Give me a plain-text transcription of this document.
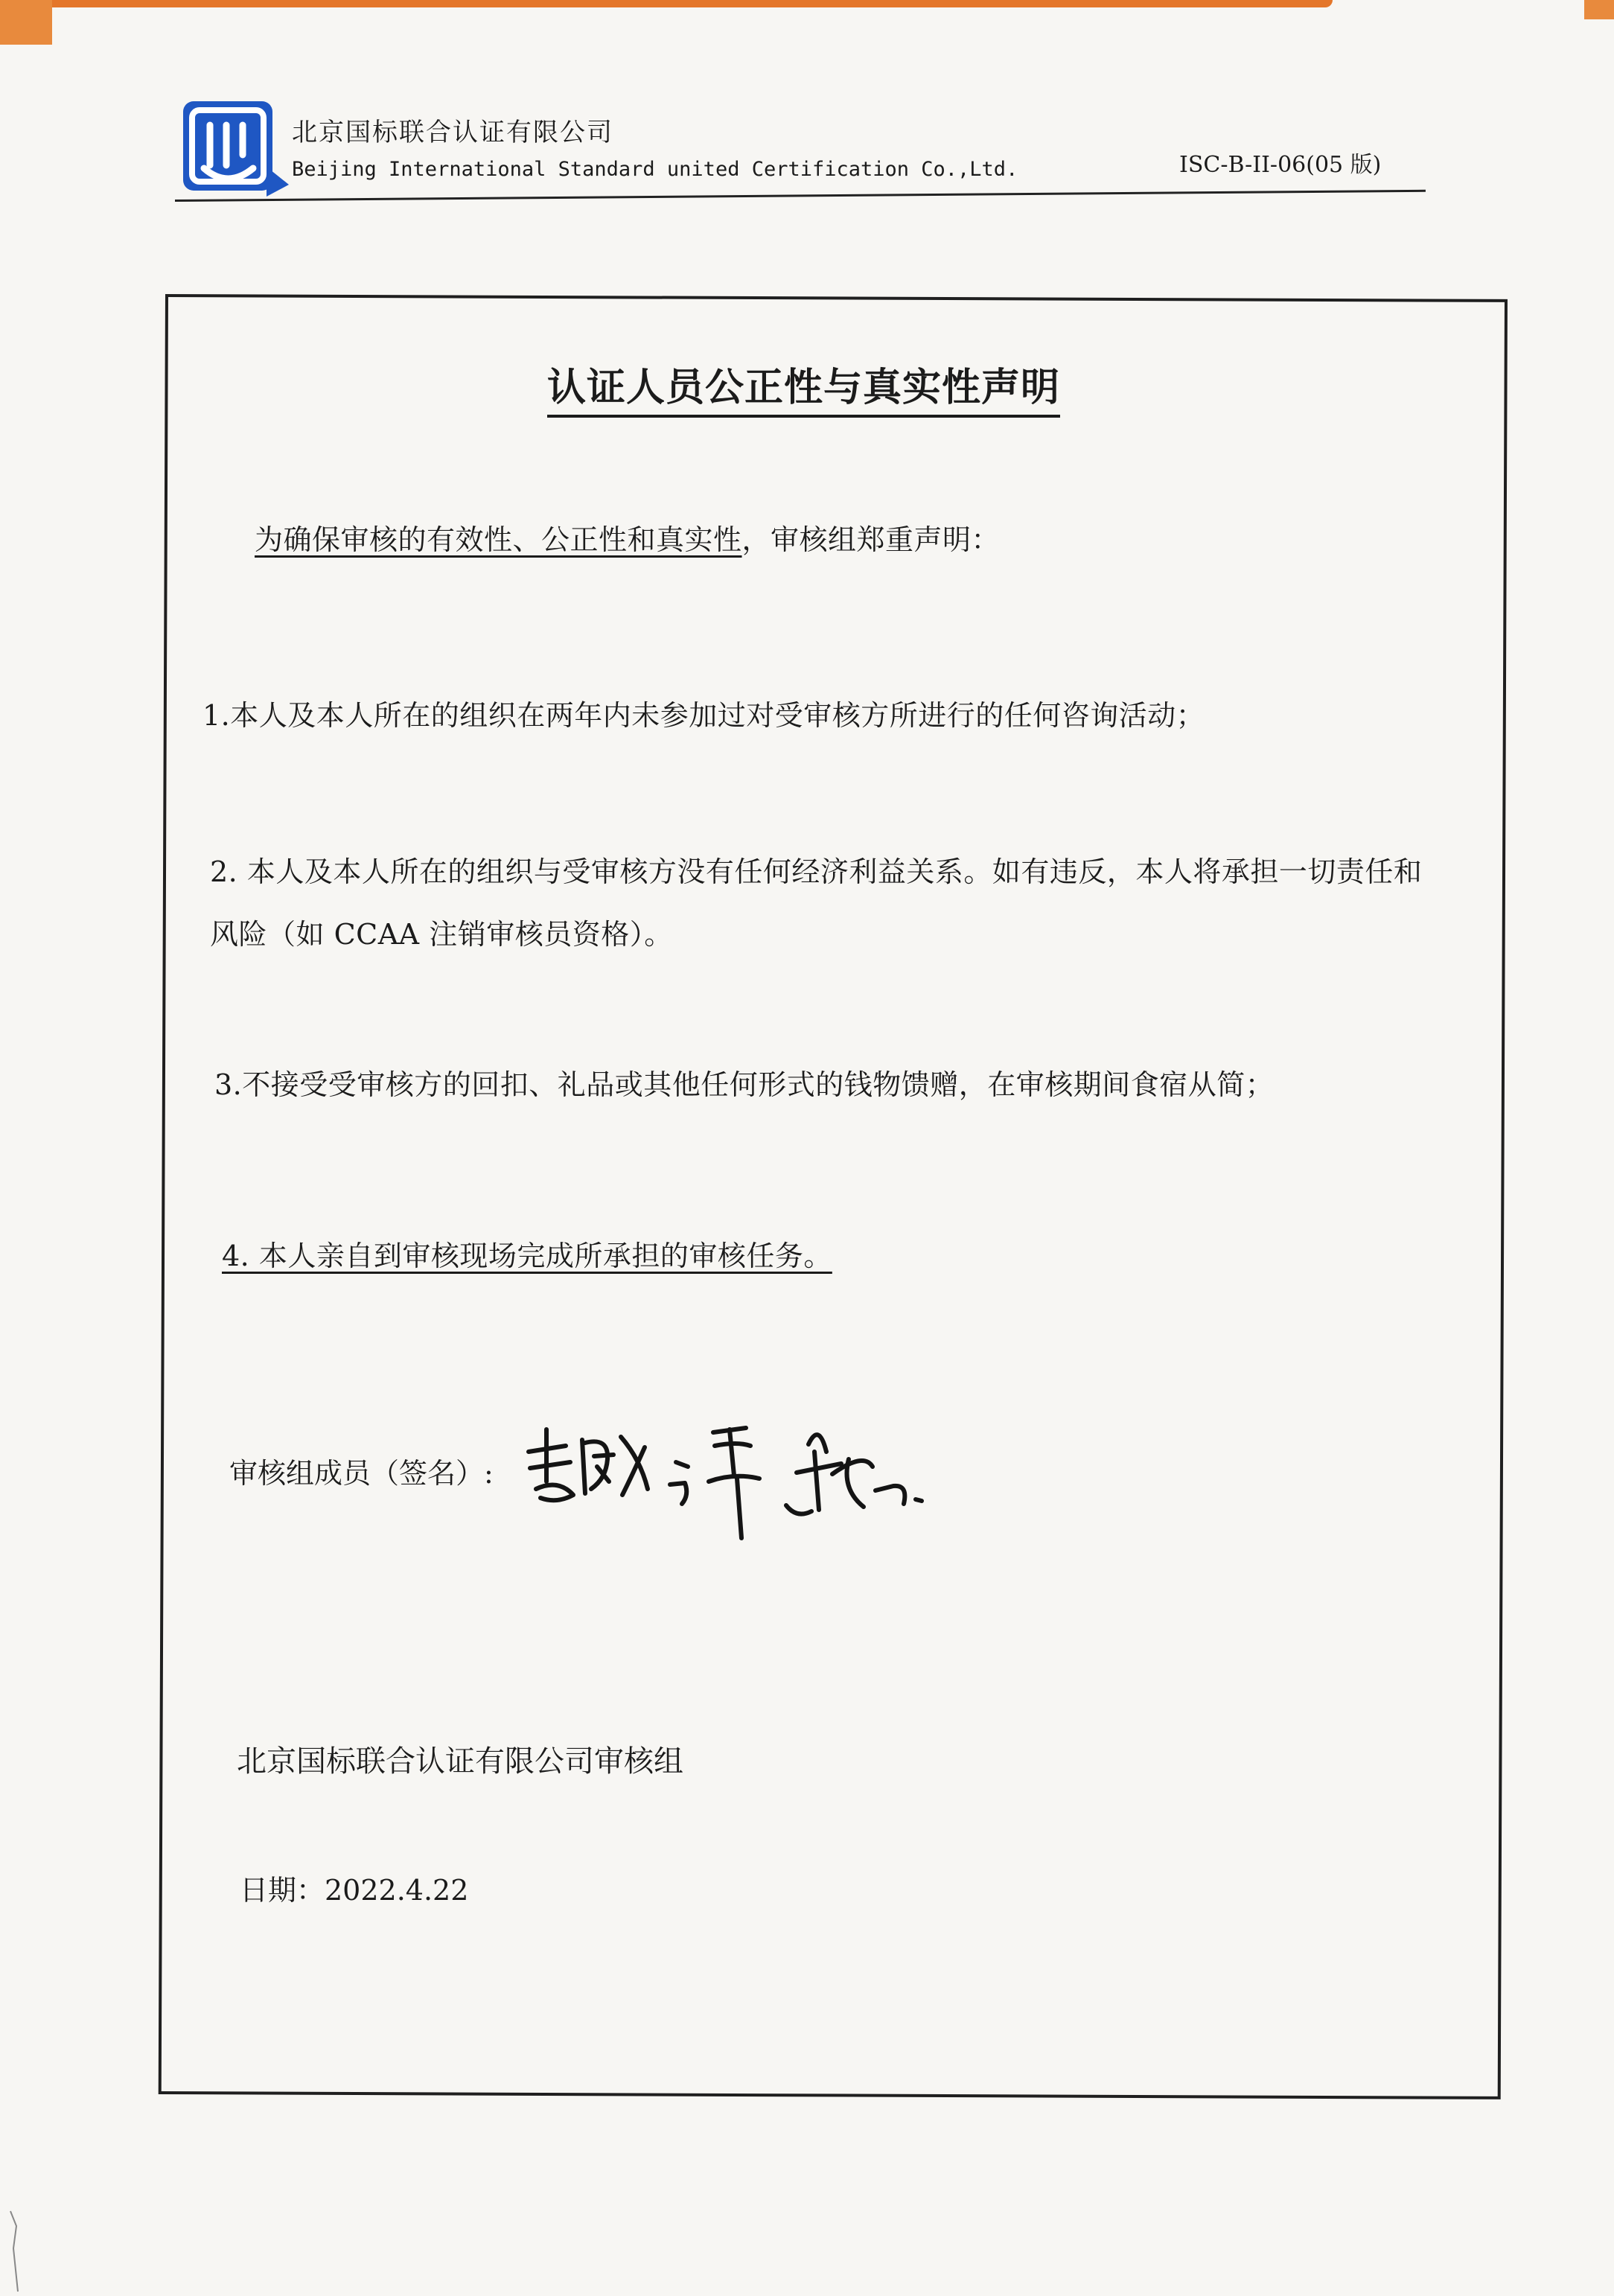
北京国标联合认证有限公司
Beijing International Standard united Certification Co.,Ltd.	ISC-B-II-06(05 版)
认证人员公正性与真实性声明
为确保审核的有效性、公正性和真实性，审核组郑重声明：
1.本人及本人所在的组织在两年内未参加过对受审核方所进行的任何咨询活动；
2. 本人及本人所在的组织与受审核方没有任何经济利益关系。如有违反，本人将承担一切责任和
风险（如 CCAA 注销审核员资格）。
3.不接受受审核方的回扣、礼品或其他任何形式的钱物馈赠，在审核期间食宿从简；
4. 本人亲自到审核现场完成所承担的审核任务。
审核组成员（签名）:
北京国标联合认证有限公司审核组
日期：2022.4.22
